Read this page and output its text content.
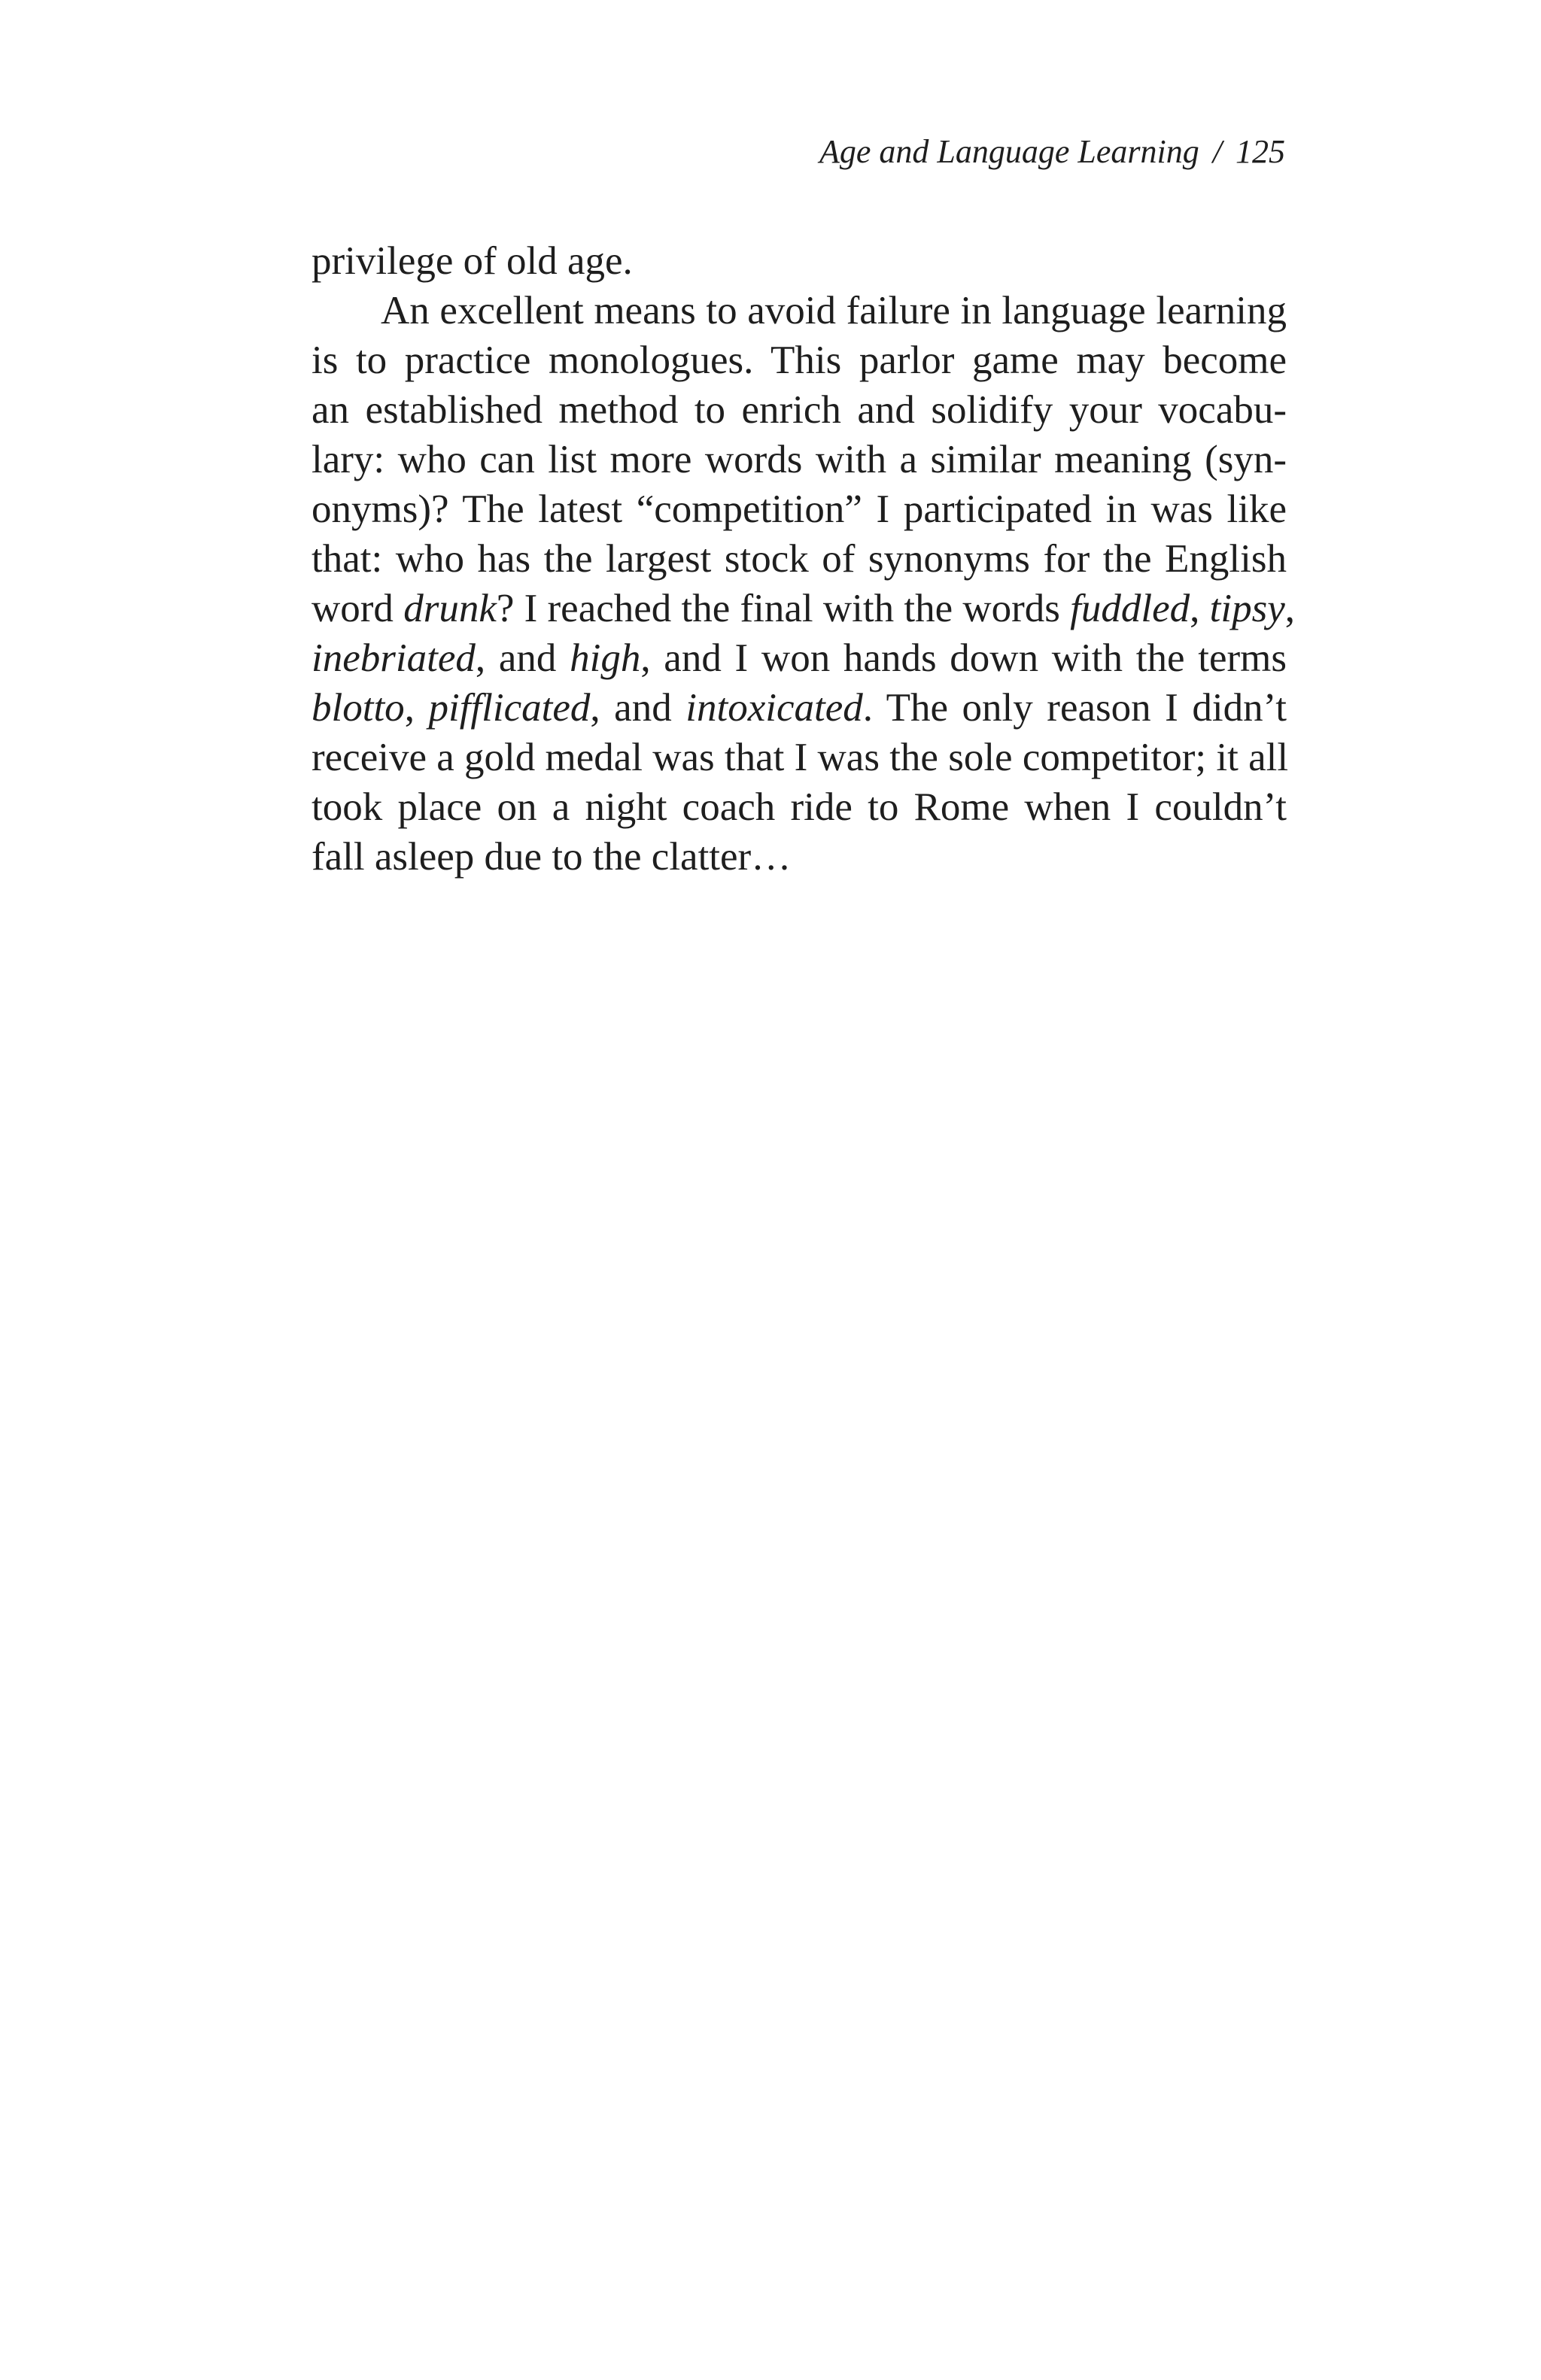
Age and Language Learning / 125
privilege of old age.
An excellent means to avoid failure in language learning
is to practice monologues. This parlor game may become
an established method to enrich and solidify your vocabu-
lary: who can list more words with a similar meaning (syn-
onyms)? The latest “competition” I participated in was like
that: who has the largest stock of synonyms for the English
word drunk? I reached the final with the words fuddled, tipsy,
inebriated, and high, and I won hands down with the terms
blotto, pifflicated, and intoxicated. The only reason I didn’t
receive a gold medal was that I was the sole competitor; it all
took place on a night coach ride to Rome when I couldn’t
fall asleep due to the clatter…
